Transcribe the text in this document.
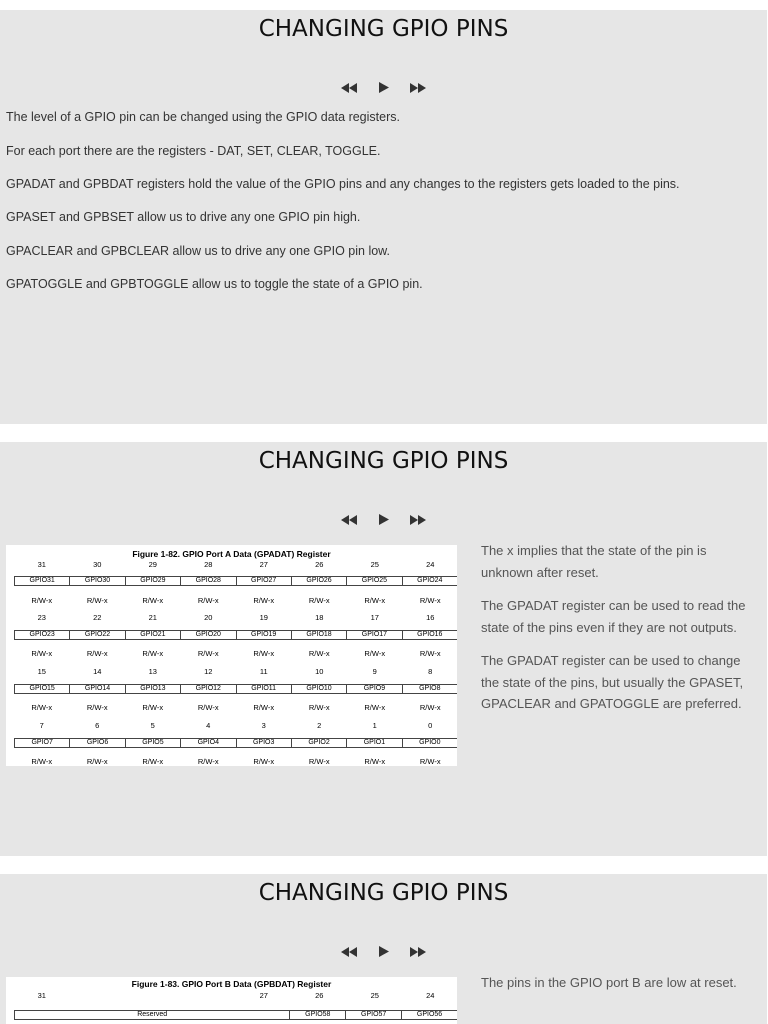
CHANGING GPIO PINS

The level of a GPIO pin can be changed using the GPIO data registers.

For each port there are the registers - DAT, SET, CLEAR, TOGGLE.

GPADAT and GPBDAT registers hold the value of the GPIO pins and any changes to the registers gets loaded to the pins.

GPASET and GPBSET allow us to drive any one GPIO pin high.

GPACLEAR and GPBCLEAR allow us to drive any one GPIO pin low.

GPATOGGLE and GPBTOGGLE allow us to toggle the state of a GPIO pin.

CHANGING GPIO PINS

Figure 1-82. GPIO Port A Data (GPADAT) Register
31	30	29	28	27	26	25	24
GPIO31	GPIO30	GPIO29	GPIO28	GPIO27	GPIO26	GPIO25	GPIO24
R/W-x	R/W-x	R/W-x	R/W-x	R/W-x	R/W-x	R/W-x	R/W-x
23	22	21	20	19	18	17	16
GPIO23	GPIO22	GPIO21	GPIO20	GPIO19	GPIO18	GPIO17	GPIO16
R/W-x	R/W-x	R/W-x	R/W-x	R/W-x	R/W-x	R/W-x	R/W-x
15	14	13	12	11	10	9	8
GPIO15	GPIO14	GPIO13	GPIO12	GPIO11	GPIO10	GPIO9	GPIO8
R/W-x	R/W-x	R/W-x	R/W-x	R/W-x	R/W-x	R/W-x	R/W-x
7	6	5	4	3	2	1	0
GPIO7	GPIO6	GPIO5	GPIO4	GPIO3	GPIO2	GPIO1	GPIO0
R/W-x	R/W-x	R/W-x	R/W-x	R/W-x	R/W-x	R/W-x	R/W-x

The x implies that the state of the pin is unknown after reset.

The GPADAT register can be used to read the state of the pins even if they are not outputs.

The GPADAT register can be used to change the state of the pins, but usually the GPASET, GPACLEAR and GPATOGGLE are preferred.

CHANGING GPIO PINS

Figure 1-83. GPIO Port B Data (GPBDAT) Register
31	27	26	25	24
Reserved	GPIO58	GPIO57	GPIO56

The pins in the GPIO port B are low at reset.
